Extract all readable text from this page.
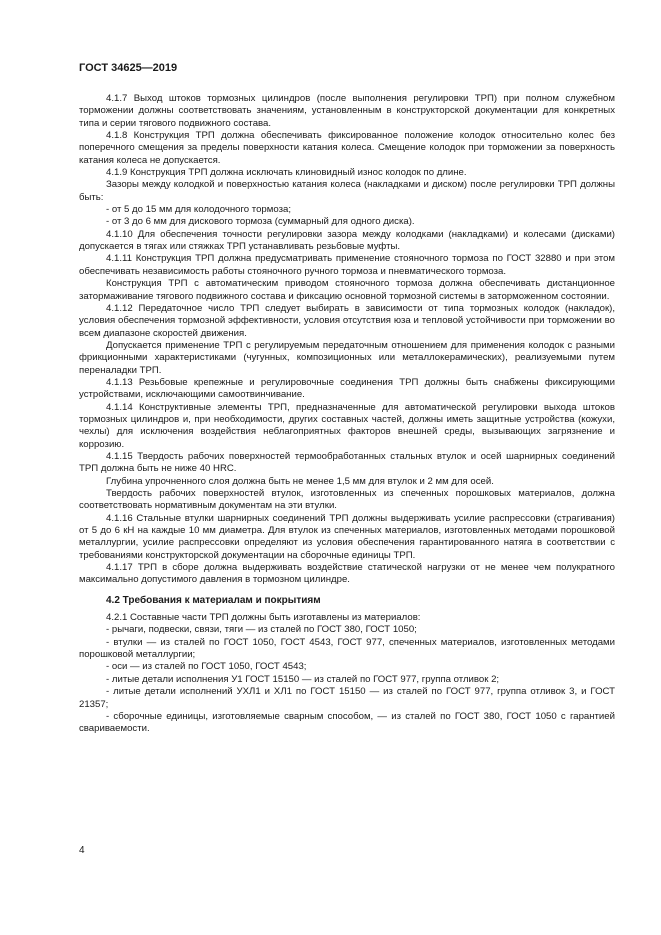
ГОСТ 34625—2019

4.1.7 Выход штоков тормозных цилиндров (после выполнения регулировки ТРП) при полном служебном торможении должны соответствовать значениям, установленным в конструкторской документации для конкретных типа и серии тягового подвижного состава.

4.1.8 Конструкция ТРП должна обеспечивать фиксированное положение колодок относительно колес без поперечного смещения за пределы поверхности катания колеса. Смещение колодок при торможении за поверхность катания колеса не допускается.

4.1.9 Конструкция ТРП должна исключать клиновидный износ колодок по длине.

Зазоры между колодкой и поверхностью катания колеса (накладками и диском) после регулировки ТРП должны быть:

- от 5 до 15 мм для колодочного тормоза;

- от 3 до 6 мм для дискового тормоза (суммарный для одного диска).

4.1.10 Для обеспечения точности регулировки зазора между колодками (накладками) и колесами (дисками) допускается в тягах или стяжках ТРП устанавливать резьбовые муфты.

4.1.11 Конструкция ТРП должна предусматривать применение стояночного тормоза по ГОСТ 32880 и при этом обеспечивать независимость работы стояночного ручного тормоза и пневматического тормоза.

Конструкция ТРП с автоматическим приводом стояночного тормоза должна обеспечивать дистанционное затормаживание тягового подвижного состава и фиксацию основной тормозной системы в заторможенном состоянии.

4.1.12 Передаточное число ТРП следует выбирать в зависимости от типа тормозных колодок (накладок), условия обеспечения тормозной эффективности, условия отсутствия юза и тепловой устойчивости при торможении во всем диапазоне скоростей движения.

Допускается применение ТРП с регулируемым передаточным отношением для применения колодок с разными фрикционными характеристиками (чугунных, композиционных или металлокерамических), реализуемыми путем переналадки ТРП.

4.1.13 Резьбовые крепежные и регулировочные соединения ТРП должны быть снабжены фиксирующими устройствами, исключающими самоотвинчивание.

4.1.14 Конструктивные элементы ТРП, предназначенные для автоматической регулировки выхода штоков тормозных цилиндров и, при необходимости, других составных частей, должны иметь защитные устройства (кожухи, чехлы) для исключения воздействия неблагоприятных факторов внешней среды, вызывающих загрязнение и коррозию.

4.1.15 Твердость рабочих поверхностей термообработанных стальных втулок и осей шарнирных соединений ТРП должна быть не ниже 40 HRC.

Глубина упрочненного слоя должна быть не менее 1,5 мм для втулок и 2 мм для осей.

Твердость рабочих поверхностей втулок, изготовленных из спеченных порошковых материалов, должна соответствовать нормативным документам на эти втулки.

4.1.16 Стальные втулки шарнирных соединений ТРП должны выдерживать усилие распрессовки (страгивания) от 5 до 6 кН на каждые 10 мм диаметра. Для втулок из спеченных материалов, изготовленных методами порошковой металлургии, усилие распрессовки определяют из условия обеспечения гарантированного натяга в соответствии с требованиями конструкторской документации на сборочные единицы ТРП.

4.1.17 ТРП в сборе должна выдерживать воздействие статической нагрузки от не менее чем полукратного максимально допустимого давления в тормозном цилиндре.

4.2 Требования к материалам и покрытиям

4.2.1 Составные части ТРП должны быть изготавлены из материалов:

- рычаги, подвески, связи, тяги — из сталей по ГОСТ 380, ГОСТ 1050;

- втулки — из сталей по ГОСТ 1050, ГОСТ 4543, ГОСТ 977, спеченных материалов, изготовленных методами порошковой металлургии;

- оси — из сталей по ГОСТ 1050, ГОСТ 4543;

- литые детали исполнения У1 ГОСТ 15150 — из сталей по ГОСТ 977, группа отливок 2;

- литые детали исполнений УХЛ1 и ХЛ1 по ГОСТ 15150 — из сталей по ГОСТ 977, группа отливок 3, и ГОСТ 21357;

- сборочные единицы, изготовляемые сварным способом, — из сталей по ГОСТ 380, ГОСТ 1050 с гарантией свариваемости.

4
